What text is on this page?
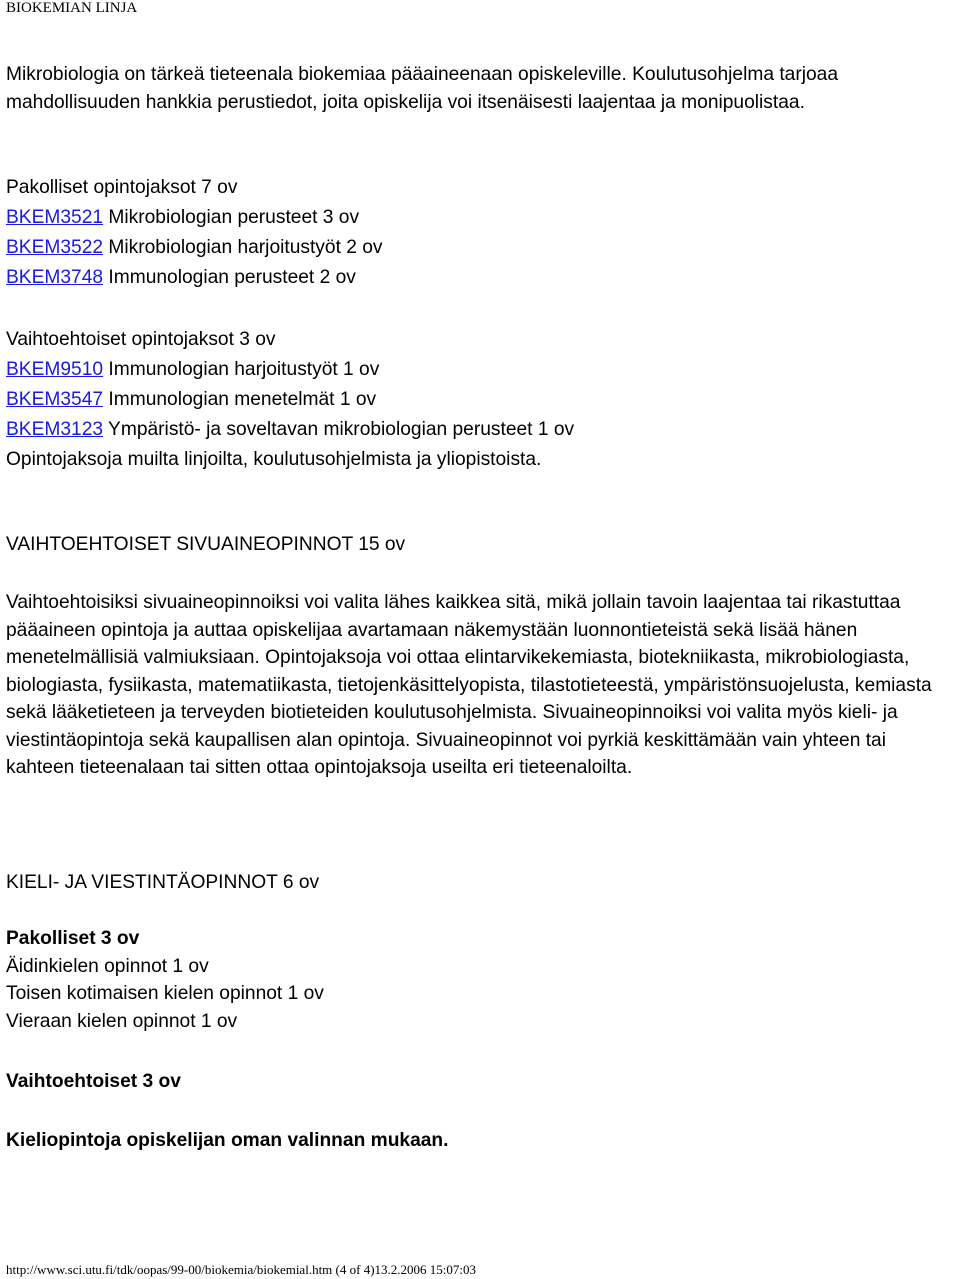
BIOKEMIAN LINJA

Mikrobiologia on tärkeä tieteenala biokemiaa pääaineenaan opiskeleville. Koulutusohjelma tarjoaa mahdollisuuden hankkia perustiedot, joita opiskelija voi itsenäisesti laajentaa ja monipuolistaa.

Pakolliset opintojaksot 7 ov
BKEM3521 Mikrobiologian perusteet 3 ov
BKEM3522 Mikrobiologian harjoitustyöt 2 ov
BKEM3748 Immunologian perusteet 2 ov
Vaihtoehtoiset opintojaksot 3 ov
BKEM9510 Immunologian harjoitustyöt 1 ov
BKEM3547 Immunologian menetelmät 1 ov
BKEM3123 Ympäristö- ja soveltavan mikrobiologian perusteet 1 ov
Opintojaksoja muilta linjoilta, koulutusohjelmista ja yliopistoista.
VAIHTOEHTOISET SIVUAINEOPINNOT 15 ov

Vaihtoehtoisiksi sivuaineopinnoiksi voi valita lähes kaikkea sitä, mikä jollain tavoin laajentaa tai rikastuttaa pääaineen opintoja ja auttaa opiskelijaa avartamaan näkemystään luonnontieteistä sekä lisää hänen menetelmällisiä valmiuksiaan. Opintojaksoja voi ottaa elintarvikekemiasta, biotekniikasta, mikrobiologiasta, biologiasta, fysiikasta, matematiikasta, tietojenkäsittelyopista, tilastotieteestä, ympäristönsuojelusta, kemiasta sekä lääketieteen ja terveyden biotieteiden koulutusohjelmista. Sivuaineopinnoiksi voi valita myös kieli- ja viestintäopintoja sekä kaupallisen alan opintoja. Sivuaineopinnot voi pyrkiä keskittämään vain yhteen tai kahteen tieteenalaan tai sitten ottaa opintojaksoja useilta eri tieteenaloilta.

KIELI- JA VIESTINTÄOPINNOT 6 ov
Pakolliset 3 ov
Äidinkielen opinnot 1 ov
Toisen kotimaisen kielen opinnot 1 ov
Vieraan kielen opinnot 1 ov
Vaihtoehtoiset 3 ov
Kieliopintoja opiskelijan oman valinnan mukaan.
http://www.sci.utu.fi/tdk/oopas/99-00/biokemia/biokemial.htm (4 of 4)13.2.2006 15:07:03
